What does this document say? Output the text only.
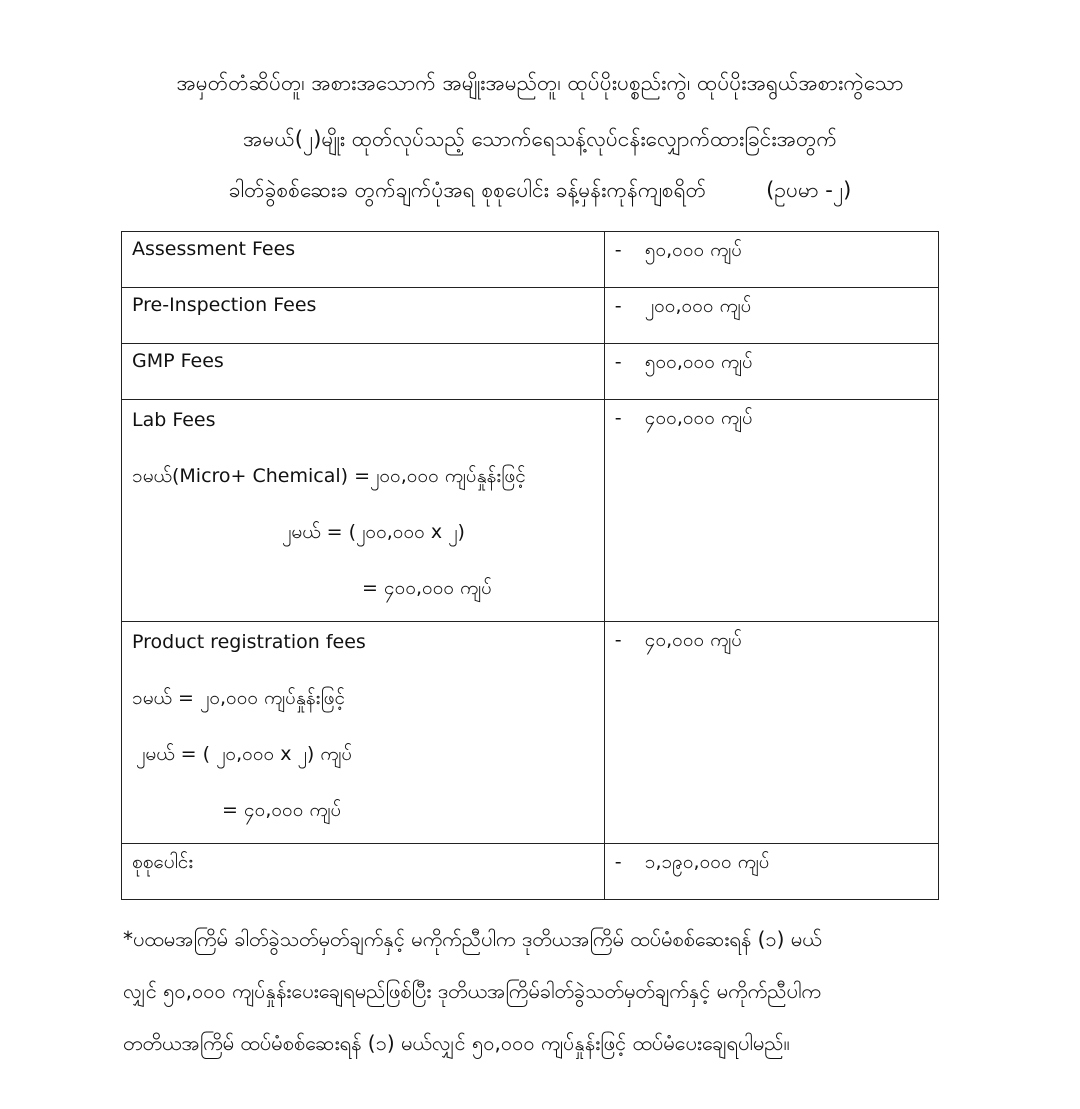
အမှတ်တံဆိပ်တူ၊ အစားအသောက် အမျိုးအမည်တူ၊ ထုပ်ပိုးပစ္စည်းကွဲ၊ ထုပ်ပိုးအရွယ်အစားကွဲသော
အမယ်(၂)မျိုး ထုတ်လုပ်သည့် သောက်ရေသန့်လုပ်ငန်းလျှောက်ထားခြင်းအတွက်
ခါတ်ခွဲစစ်ဆေးခ တွက်ချက်ပုံအရ စုစုပေါင်း ခန့်မှန်းကုန်ကျစရိတ်	(ဥပမာ -၂)
Assessment Fees	- ၅၀,၀၀၀ ကျပ်
Pre-Inspection Fees	- ၂၀၀,၀၀၀ ကျပ်
GMP Fees	- ၅၀၀,၀၀၀ ကျပ်

Lab Fees
၁မယ်(Micro+ Chemical) =၂၀၀,၀၀၀ ကျပ်နှုန်းဖြင့်
၂မယ် = (၂၀၀,၀၀၀ x ၂)
= ၄၀၀,၀၀၀ ကျပ်	- ၄၀၀,၀၀၀ ကျပ်

Product registration fees
၁မယ် = ၂၀,၀၀၀ ကျပ်နှုန်းဖြင့်
၂မယ် = ( ၂၀,၀၀၀ x ၂) ကျပ်
= ၄၀,၀၀၀ ကျပ်	- ၄၀,၀၀၀ ကျပ်
စုစုပေါင်း	- ၁,၁၉၀,၀၀၀ ကျပ်
*ပထမအကြိမ် ခါတ်ခွဲသတ်မှတ်ချက်နှင့် မကိုက်ညီပါက ဒုတိယအကြိမ် ထပ်မံစစ်ဆေးရန် (၁) မယ်
လျှင် ၅၀,၀၀၀ ကျပ်နှုန်းပေးချေရမည်ဖြစ်ပြီး ဒုတိယအကြိမ်ခါတ်ခွဲသတ်မှတ်ချက်နှင့် မကိုက်ညီပါက
တတိယအကြိမ် ထပ်မံစစ်ဆေးရန် (၁) မယ်လျှင် ၅၀,၀၀၀ ကျပ်နှုန်းဖြင့် ထပ်မံပေးချေရပါမည်။
